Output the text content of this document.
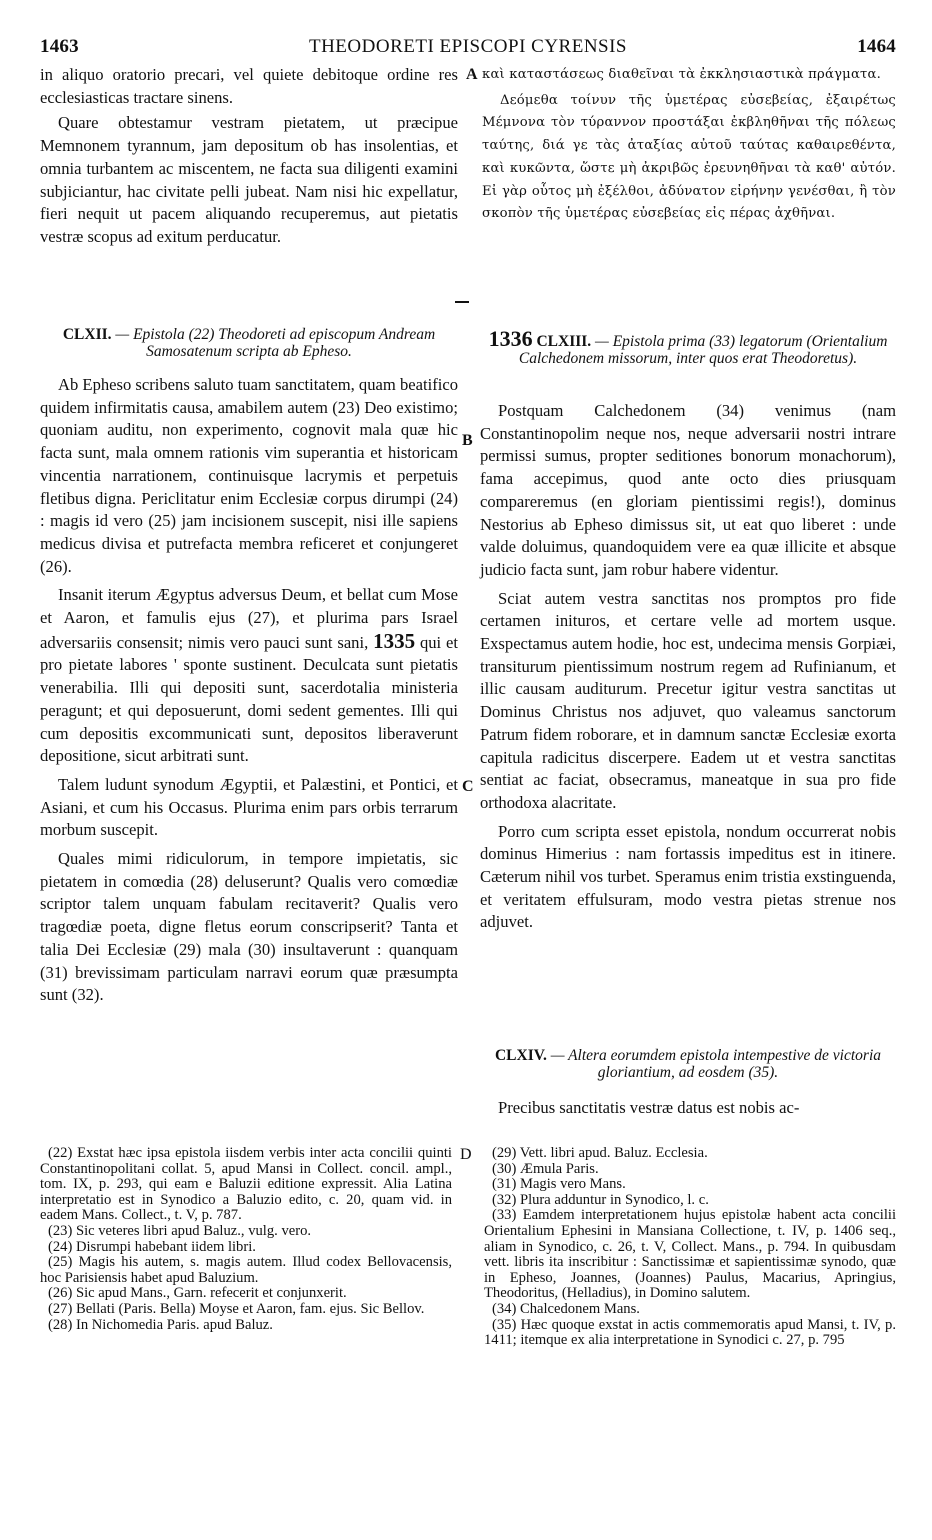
1463	THEODORETI EPISCOPI CYRENSIS	1464

in aliquo oratorio precari, vel quiete debitoque ordine res ecclesiasticas tractare sinens.

Quare obtestamur vestram pietatem, ut præcipue Memnonem tyrannum, jam depositum ob has insolentias, et omnia turbantem ac miscentem, ne facta sua diligenti examini subjiciantur, hac civitate pelli jubeat. Nam nisi hic expellatur, fieri nequit ut pacem aliquando recuperemus, aut pietatis vestræ scopus ad exitum perducatur.

A καὶ καταστάσεως διαθεῖναι τὰ ἐκκλησιαστικὰ πράγματα.

Δεόμεθα τοίνυν τῆς ὑμετέρας εὐσεβείας, ἐξαιρέτως Μέμνονα τὸν τύραννον προστάξαι ἐκβληθῆναι τῆς πόλεως ταύτης, διά γε τὰς ἀταξίας αὐτοῦ ταύτας καθαιρεθέντα, καὶ κυκῶντα, ὥστε μὴ ἀκριβῶς ἐρευνηθῆναι τὰ καθ' αὐτόν. Εἰ γὰρ οὗτος μὴ ἐξέλθοι, ἀδύνατον εἰρήνην γενέσθαι, ἢ τὸν σκοπὸν τῆς ὑμετέρας εὐσεβείας εἰς πέρας ἀχθῆναι.

CLXII. — Epistola (22) Theodoreti ad episcopum Andream Samosatenum scripta ab Epheso.

Ab Epheso scribens saluto tuam sanctitatem, quam beatifico quidem infirmitatis causa, amabilem autem (23) Deo existimo; quoniam auditu, non experimento, cognovit mala quæ hic facta sunt, mala omnem rationis vim superantia et historicam vincentia narrationem, continuisque lacrymis et perpetuis fletibus digna. Periclitatur enim Ecclesiæ corpus dirumpi (24) : magis id vero (25) jam incisionem suscepit, nisi ille sapiens medicus divisa et putrefacta membra reficeret et conjungeret (26).

Insanit iterum Ægyptus adversus Deum, et bellat cum Mose et Aaron, et famulis ejus (27), et plurima pars Israel adversariis consensit; nimis vero pauci sunt sani, 1335 qui et pro pietate labores ' sponte sustinent. Deculcata sunt pietatis venerabilia. Illi qui depositi sunt, sacerdotalia ministeria peragunt; et qui deposuerunt, domi sedent gementes. Illi qui cum depositis excommunicati sunt, depositos liberaverunt depositione, sicut arbitrati sunt.

Talem ludunt synodum Ægyptii, et Palæstini, et Pontici, et Asiani, et cum his Occasus. Plurima enim pars orbis terrarum morbum suscepit.

Quales mimi ridiculorum, in tempore impietatis, sic pietatem in comœdia (28) deluserunt? Qualis vero comœdiæ scriptor talem unquam fabulam recitaverit? Qualis vero tragœdiæ poeta, digne fletus eorum conscripserit? Tanta et talia Dei Ecclesiæ (29) mala (30) insultaverunt : quanquam (31) brevissimam particulam narravi eorum quæ præsumpta sunt (32).

B
C
1336 CLXIII. — Epistola prima (33) legatorum (Orientalium Calchedonem missorum, inter quos erat Theodoretus).

Postquam Calchedonem (34) venimus (nam Constantinopolim neque nos, neque adversarii nostri intrare permissi sumus, propter seditiones bonorum monachorum), fama accepimus, quod ante octo dies priusquam compareremus (en gloriam pientissimi regis!), dominus Nestorius ab Epheso dimissus sit, ut eat quo liberet : unde valde doluimus, quandoquidem vere ea quæ illicite et absque judicio facta sunt, jam robur habere videntur.

Sciat autem vestra sanctitas nos promptos pro fide certamen inituros, et certare velle ad mortem usque. Exspectamus autem hodie, hoc est, undecima mensis Gorpiæi, transiturum pientissimum nostrum regem ad Rufinianum, et illic causam auditurum. Precetur igitur vestra sanctitas ut Dominus Christus nos adjuvet, quo valeamus sanctorum Patrum fidem roborare, et in damnum sanctæ Ecclesiæ exorta capitula radicitus discerpere. Eadem ut et vestra sanctitas sentiat ac faciat, obsecramus, maneatque in sua pro fide orthodoxa alacritate.

Porro cum scripta esset epistola, nondum occurrerat nobis dominus Himerius : nam fortassis impeditus est in itinere. Cæterum nihil vos turbet. Speramus enim tristia exstinguenda, et veritatem effulsuram, modo vestra pietas strenue nos adjuvet.

CLXIV. — Altera eorumdem epistola intempestive de victoria gloriantium, ad eosdem (35).

Precibus sanctitatis vestræ datus est nobis ac-

(22) Exstat hæc ipsa epistola iisdem verbis inter acta concilii quinti Constantinopolitani collat. 5, apud Mansi in Collect. concil. ampl., tom. IX, p. 293, qui eam e Baluzii editione expressit. Alia Latina interpretatio est in Synodico a Baluzio edito, c. 20, quam vid. in eadem Mans. Collect., t. V, p. 787.

(23) Sic veteres libri apud Baluz., vulg. vero.

(24) Disrumpi habebant iidem libri.

(25) Magis his autem, s. magis autem. Illud codex Bellovacensis, hoc Parisiensis habet apud Baluzium.

(26) Sic apud Mans., Garn. refecerit et conjunxerit.

(27) Bellati (Paris. Bella) Moyse et Aaron, fam. ejus. Sic Bellov.

(28) In Nichomedia Paris. apud Baluz.

D	(29) Vett. libri apud. Baluz. Ecclesia.

(30) Æmula Paris.

(31) Magis vero Mans.

(32) Plura adduntur in Synodico, l. c.

(33) Eamdem interpretationem hujus epistolæ habent acta concilii Orientalium Ephesini in Mansiana Collectione, t. IV, p. 1406 seq., aliam in Synodico, c. 26, t. V, Collect. Mans., p. 794. In quibusdam vett. libris ita inscribitur : Sanctissimæ et sapientissimæ synodo, quæ in Epheso, Joannes, (Joannes) Paulus, Macarius, Apringius, Theodoritus, (Helladius), in Domino salutem.

(34) Chalcedonem Mans.

(35) Hæc quoque exstat in actis commemoratis apud Mansi, t. IV, p. 1411; itemque ex alia interpretatione in Synodici c. 27, p. 795
